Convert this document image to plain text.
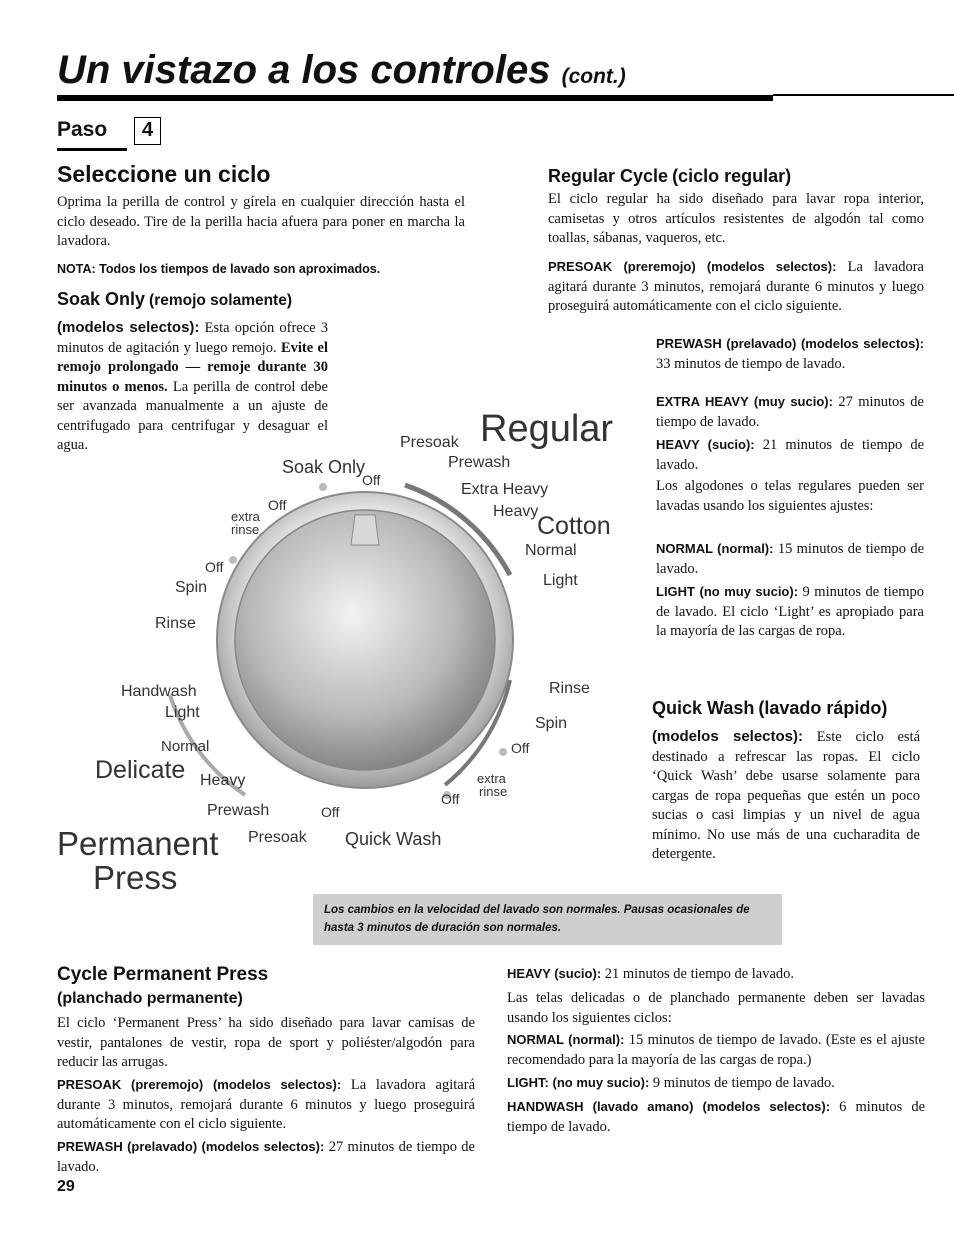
Un vistazo a los controles (cont.)
Paso	4
Seleccione un ciclo
Oprima la perilla de control y gírela en cualquier dirección hasta el ciclo deseado. Tire de la perilla hacia afuera para poner en marcha la lavadora.
NOTA: Todos los tiempos de lavado son aproximados.
Soak Only (remojo solamente)
(modelos selectos): Esta opción ofrece 3 minutos de agitación y luego remojo. Evite el remojo prolongado — remoje durante 30 minutos o menos. La perilla de control debe ser avanzada manualmente a un ajuste de centrifugado para centrifugar y desaguar el agua.	Regular
Presoak
Prewash
Extra Heavy
Heavy
Cotton
Normal
Light
Rinse
Spin
Off
extra
rinse
Off
Quick Wash
Off
Presoak
Prewash
Heavy
Delicate
Normal
Light
Handwash
Rinse
Spin
Off
extra
rinse
Off
Soak Only
Off
Permanent
Press
Regular Cycle (ciclo regular)
El ciclo regular ha sido diseñado para lavar ropa interior, camisetas y otros artículos resistentes de algodón tal como toallas, sábanas, vaqueros, etc.
PRESOAK (preremojo) (modelos selectos): La lavadora agitará durante 3 minutos, remojará durante 6 minutos y luego proseguirá automáticamente con el ciclo siguiente.
PREWASH (prelavado) (modelos selectos): 33 minutos de tiempo de lavado.
EXTRA HEAVY (muy sucio): 27 minutos de tiempo de lavado.
HEAVY (sucio): 21 minutos de tiempo de lavado.
Los algodones o telas regulares pueden ser lavadas usando los siguientes ajustes:
NORMAL (normal): 15 minutos de tiempo de lavado.
LIGHT (no muy sucio): 9 minutos de tiempo de lavado. El ciclo ‘Light’ es apropiado para la mayoría de las cargas de ropa.
Quick Wash (lavado rápido)
(modelos selectos): Este ciclo está destinado a refrescar las ropas. El ciclo ‘Quick Wash’ debe usarse solamente para cargas de ropa pequeñas que estén un poco sucias o casi limpias y un nivel de agua mínimo. No use más de una cucharadita de detergente.
Los cambios en la velocidad del lavado son normales. Pausas ocasionales de hasta 3 minutos de duración son normales.
Cycle Permanent Press
(planchado permanente)
El ciclo ‘Permanent Press’ ha sido diseñado para lavar camisas de vestir, pantalones de vestir, ropa de sport y poliéster/algodón para reducir las arrugas.
PRESOAK (preremojo) (modelos selectos): La lavadora agitará durante 3 minutos, remojará durante 6 minutos y luego proseguirá automáticamente con el ciclo siguiente.
PREWASH (prelavado) (modelos selectos): 27 minutos de tiempo de lavado.
HEAVY (sucio): 21 minutos de tiempo de lavado.
Las telas delicadas o de planchado permanente deben ser lavadas usando los siguientes ciclos:
NORMAL (normal): 15 minutos de tiempo de lavado. (Este es el ajuste recomendado para la mayoría de las cargas de ropa.)
LIGHT: (no muy sucio): 9 minutos de tiempo de lavado.
HANDWASH (lavado amano) (modelos selectos): 6 minutos de tiempo de lavado.
29
